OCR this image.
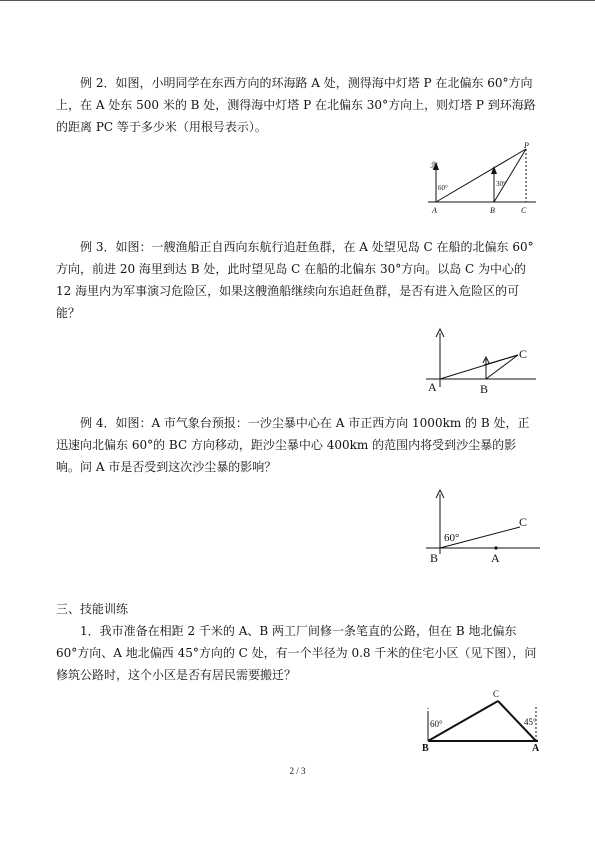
例 2．如图，小明同学在东西方向的环海路 A 处，测得海中灯塔 P 在北偏东 60°方向上，在 A 处东 500 米的 B 处，测得海中灯塔 P 在北偏东 30°方向上，则灯塔 P 到环海路的距离 PC 等于多少米（用根号表示）。

北
60°	30°
A	B	C
P

例 3．如图：一艘渔船正自西向东航行追赶鱼群，在 A 处望见岛 C 在船的北偏东 60°方向，前进 20 海里到达 B 处，此时望见岛 C 在船的北偏东 30°方向。以岛 C 为中心的 12 海里内为军事演习危险区，如果这艘渔船继续向东追赶鱼群，是否有进入危险区的可能？

A	B
C

例 4．如图：A 市气象台预报：一沙尘暴中心在 A 市正西方向 1000km 的 B 处，正迅速向北偏东 60°的 BC 方向移动，距沙尘暴中心 400km 的范围内将受到沙尘暴的影响。问 A 市是否受到这次沙尘暴的影响？

60°
B	A
C

三、技能训练

1．我市准备在相距 2 千米的 A、B 两工厂间修一条笔直的公路，但在 B 地北偏东 60°方向、A 地北偏西 45°方向的 C 处，有一个半径为 0.8 千米的住宅小区（见下图），问修筑公路时，这个小区是否有居民需要搬迁？

60°	45°
C
B	A
2 / 3
